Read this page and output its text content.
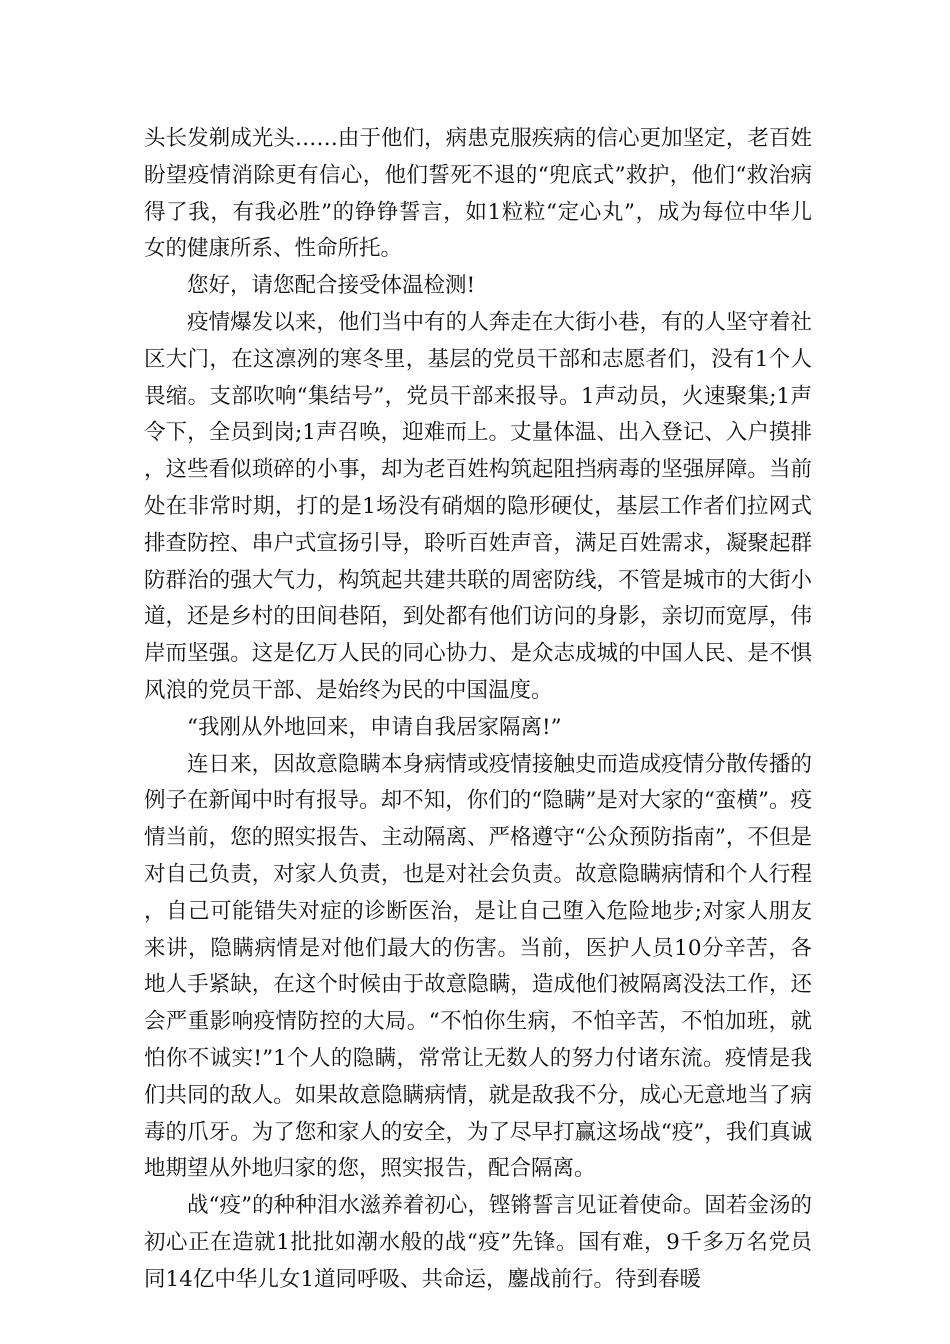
头长发剃成光头……由于他们，病患克服疾病的信心更加坚定，老百姓盼望疫情消除更有信心，他们誓死不退的“兜底式”救护，他们“救治病得了我，有我必胜”的铮铮誓言，如1粒粒“定心丸”，成为每位中华儿女的健康所系、性命所托。

您好，请您配合接受体温检测!

疫情爆发以来，他们当中有的人奔走在大街小巷，有的人坚守着社区大门，在这凛冽的寒冬里，基层的党员干部和志愿者们，没有1个人畏缩。支部吹响“集结号”，党员干部来报导。1声动员，火速聚集;1声令下，全员到岗;1声召唤，迎难而上。丈量体温、出入登记、入户摸排，这些看似琐碎的小事，却为老百姓构筑起阻挡病毒的坚强屏障。当前处在非常时期，打的是1场没有硝烟的隐形硬仗，基层工作者们拉网式排查防控、串户式宣扬引导，聆听百姓声音，满足百姓需求，凝聚起群防群治的强大气力，构筑起共建共联的周密防线，不管是城市的大街小道，还是乡村的田间巷陌，到处都有他们访问的身影，亲切而宽厚，伟岸而坚强。这是亿万人民的同心协力、是众志成城的中国人民、是不惧风浪的党员干部、是始终为民的中国温度。

“我刚从外地回来，申请自我居家隔离!”

连日来，因故意隐瞒本身病情或疫情接触史而造成疫情分散传播的例子在新闻中时有报导。却不知，你们的“隐瞒”是对大家的“蛮横”。疫情当前，您的照实报告、主动隔离、严格遵守“公众预防指南”，不但是对自己负责，对家人负责，也是对社会负责。故意隐瞒病情和个人行程，自己可能错失对症的诊断医治，是让自己堕入危险地步;对家人朋友来讲，隐瞒病情是对他们最大的伤害。当前，医护人员10分辛苦，各地人手紧缺，在这个时候由于故意隐瞒，造成他们被隔离没法工作，还会严重影响疫情防控的大局。“不怕你生病，不怕辛苦，不怕加班，就怕你不诚实!”1个人的隐瞒，常常让无数人的努力付诸东流。疫情是我们共同的敌人。如果故意隐瞒病情，就是敌我不分，成心无意地当了病毒的爪牙。为了您和家人的安全，为了尽早打赢这场战“疫”，我们真诚地期望从外地归家的您，照实报告，配合隔离。

战“疫”的种种泪水滋养着初心，铿锵誓言见证着使命。固若金汤的初心正在造就1批批如潮水般的战“疫”先锋。国有难，9千多万名党员同14亿中华儿女1道同呼吸、共命运，鏖战前行。待到春暖
